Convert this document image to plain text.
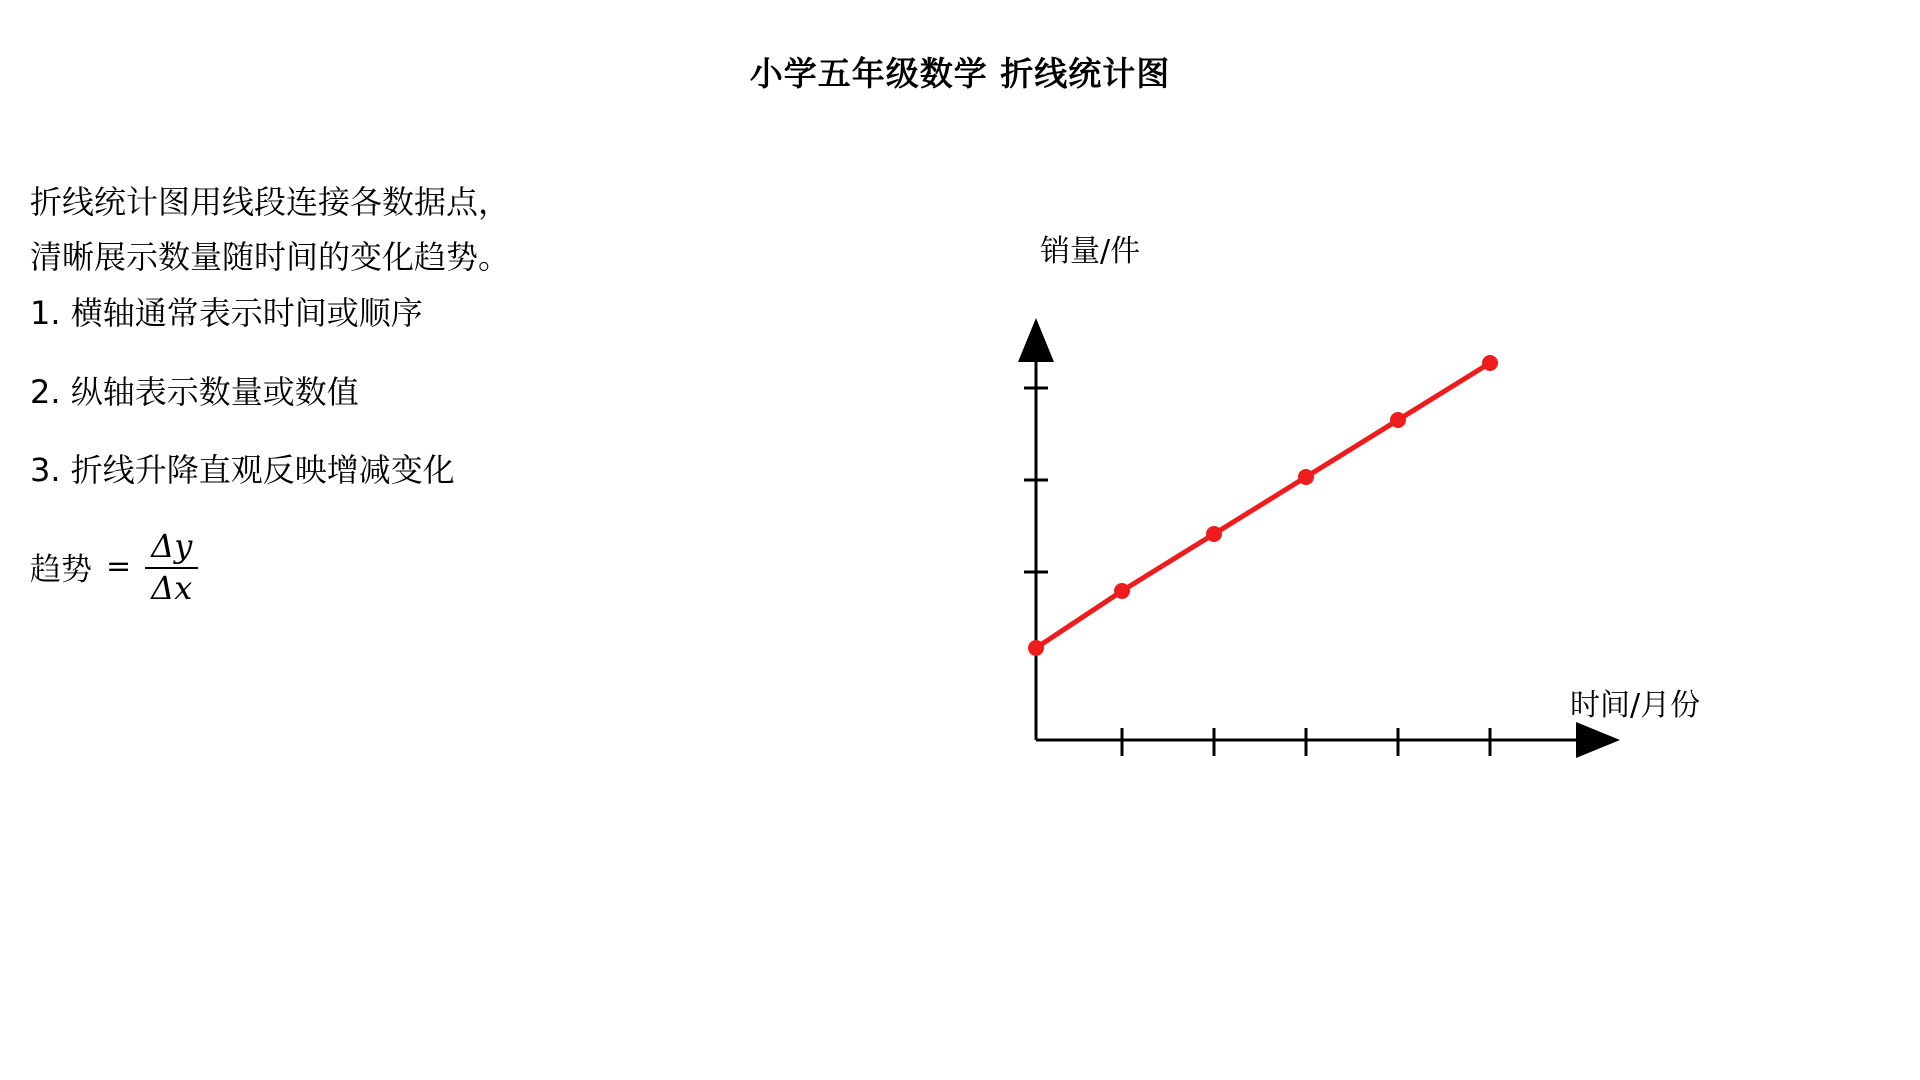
小学五年级数学 折线统计图

折线统计图用线段连接各数据点，

清晰展示数量随时间的变化趋势。

1. 横轴通常表示时间或顺序

2. 纵轴表示数量或数值

3. 折线升降直观反映增减变化

趋势 = $\frac{\Delta y}{\Delta x}$
销量/件
时间/月份
